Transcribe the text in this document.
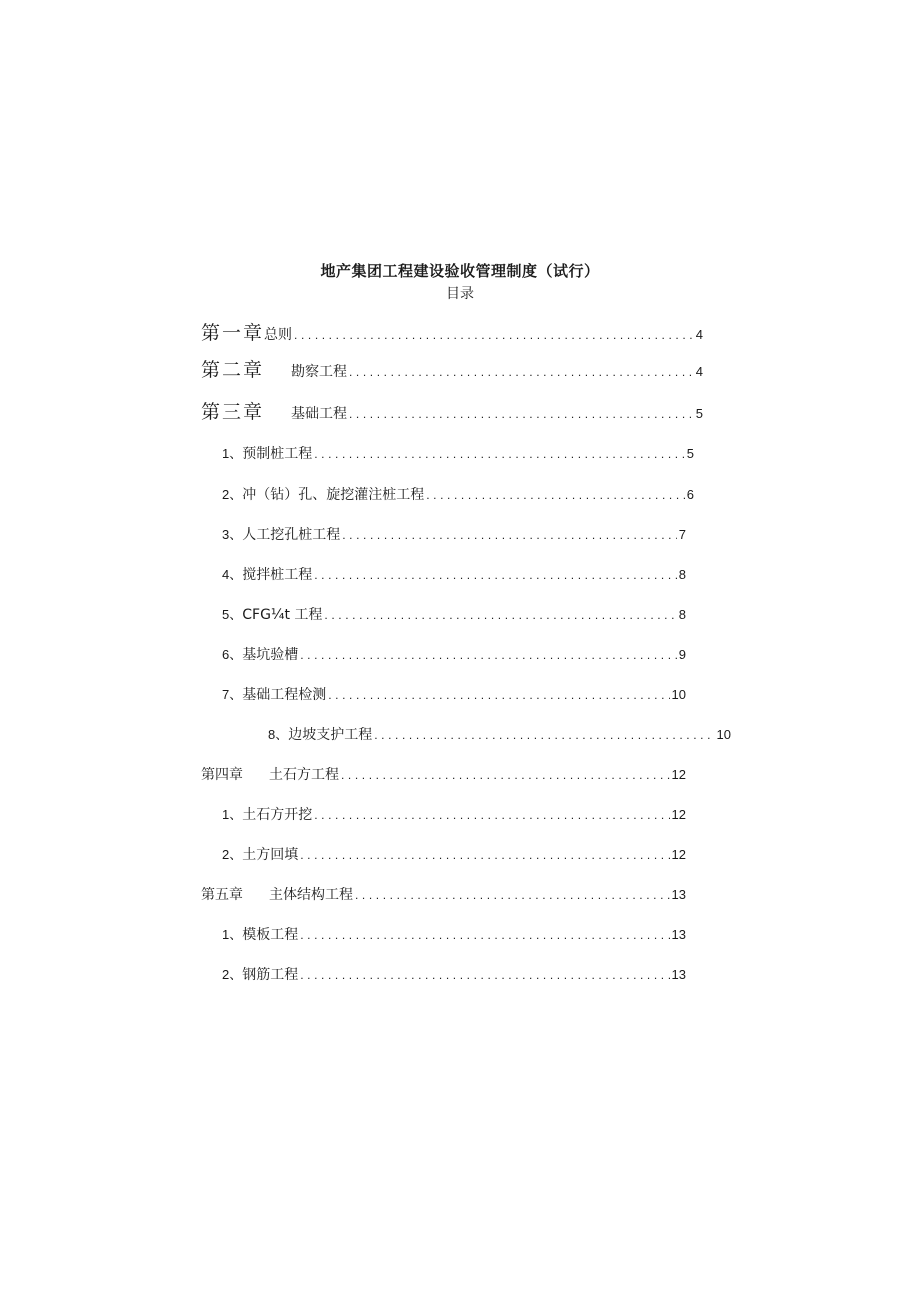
地产集团工程建设验收管理制度（试行）
目录
第一章 总则 .....	4
第二章	勘察工程 .....	4
第三章	基础工程 .....	5
1、 预制桩工程 .....	5
2、 冲（钻）孔、旋挖灌注桩工程 .....	6
3、 人工挖孔桩工程 .....	7
4、 搅拌桩工程 .....	8
5、 CFG¼t 工程 .....	8
6、 基坑验槽 .....	9
7、 基础工程检测 .....	10
8、 边坡支护工程 .....	10
第四章	土石方工程 .....	12
1、 土石方开挖 .....	12
2、 土方回填 .....	12
第五章	主体结构工程 .....	13
1、 模板工程 .....	13
2、 钢筋工程 .....	13
